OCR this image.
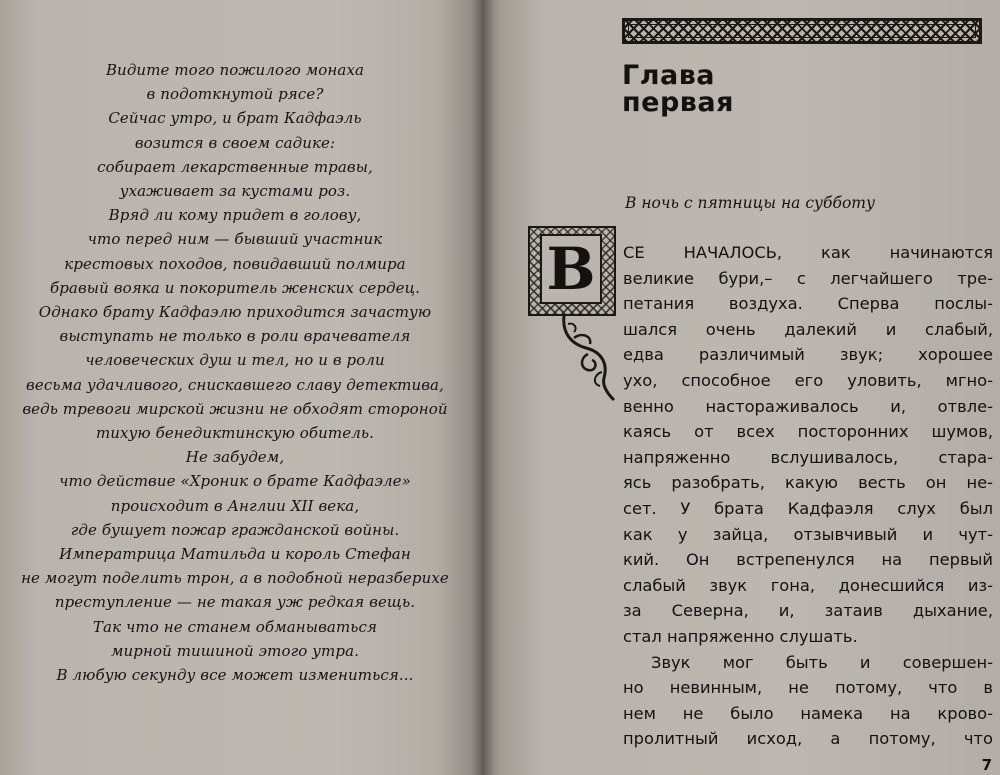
Видите того пожилого монаха
в подоткнутой рясе?
Сейчас утро, и брат Кадфаэль
возится в своем садике:
собирает лекарственные травы,
ухаживает за кустами роз.
Вряд ли кому придет в голову,
что перед ним — бывший участник
крестовых походов, повидавший полмира
бравый вояка и покоритель женских сердец.
Однако брату Кадфаэлю приходится зачастую
выступать не только в роли врачевателя
человеческих душ и тел, но и в роли
весьма удачливого, снискавшего славу детектива,
ведь тревоги мирской жизни не обходят стороной
тихую бенедиктинскую обитель.
Не забудем,
что действие «Хроник о брате Кадфаэле»
происходит в Англии XII века,
где бушует пожар гражданской войны.
Императрица Матильда и король Стефан
не могут поделить трон, а в подобной неразберихе
преступление — не такая уж редкая вещь.
Так что не станем обманываться
мирной тишиной этого утра.
В любую секунду все может измениться...
Глава
первая

В ночь с пятницы на субботу

В	СЕ НАЧАЛОСЬ, как начинаются
великие бури,– с легчайшего тре-
петания воздуха. Сперва послы-
шался очень далекий и слабый,
едва различимый звук; хорошее
ухо, способное его уловить, мгно-
венно настораживалось и, отвле-
каясь от всех посторонних шумов,
напряженно вслушивалось, стара-
ясь разобрать, какую весть он не-
сет. У брата Кадфаэля слух был
как у зайца, отзывчивый и чут-
кий. Он встрепенулся на первый
слабый звук гона, донесшийся из-
за Северна, и, затаив дыхание,
стал напряженно слушать.
Звук мог быть и совершен-
но невинным, не потому, что в
нем не было намека на крово-
пролитный исход, а потому, что
7
